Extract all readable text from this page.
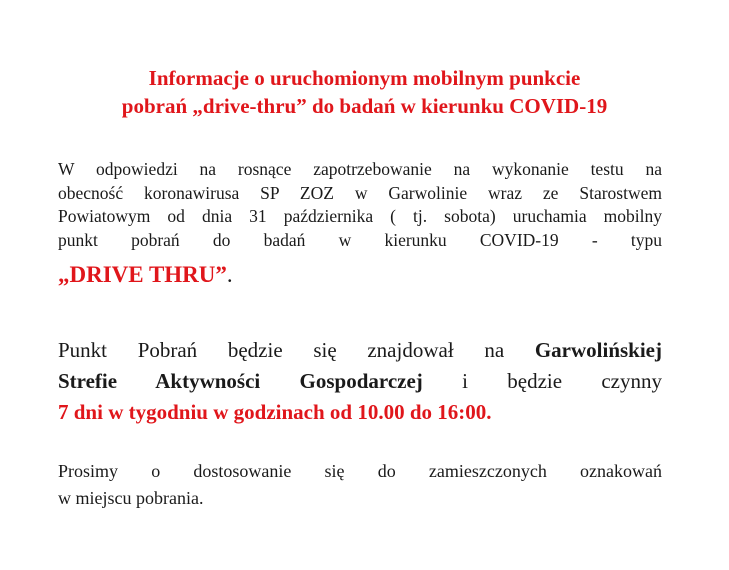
Informacje o uruchomionym mobilnym punkcie
pobrań „drive-thru” do badań w kierunku COVID-19
W odpowiedzi na rosnące zapotrzebowanie na wykonanie testu na
obecność koronawirusa SP ZOZ w Garwolinie wraz ze Starostwem
Powiatowym od dnia 31 października ( tj. sobota) uruchamia mobilny
punkt pobrań do badań w kierunku COVID-19 - typu
„DRIVE THRU”.
Punkt Pobrań będzie się znajdował na Garwolińskiej
Strefie Aktywności Gospodarczej i będzie czynny
7 dni w tygodniu w godzinach od 10.00 do 16:00.
Prosimy o dostosowanie się do zamieszczonych oznakowań
w miejscu pobrania.
